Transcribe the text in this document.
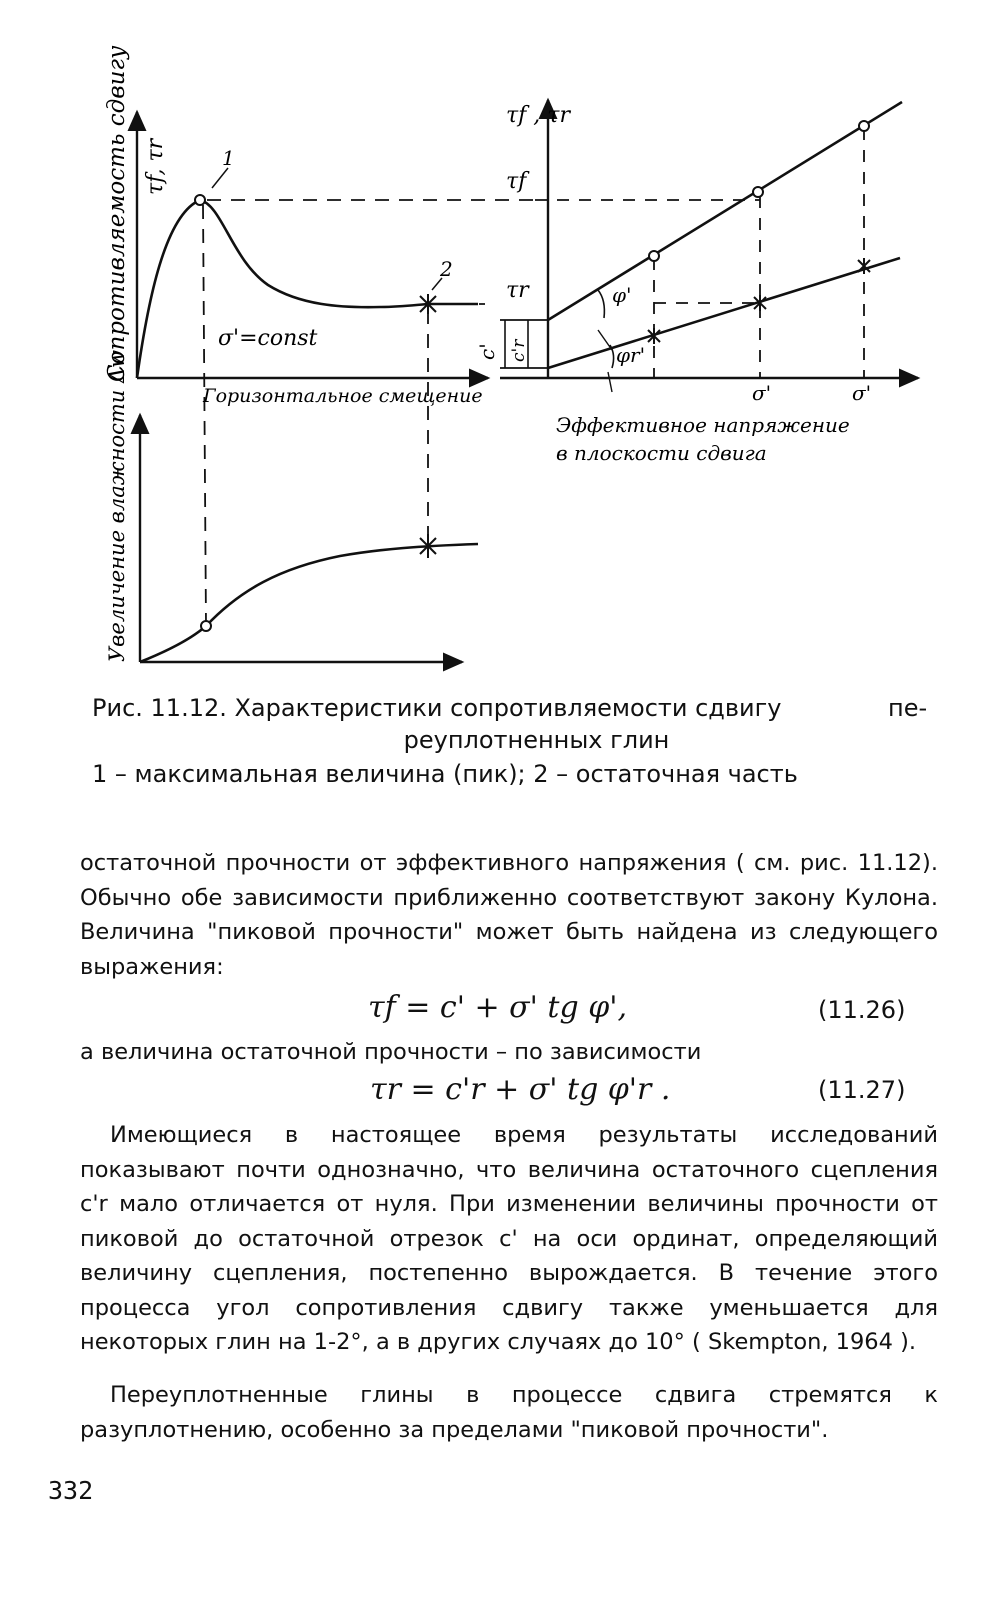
1
2
σ'=const
Горизонтальное смещение
τf, τr
Сопротивляемость сдвигу
Увеличение влажности Δw
τf , τr
τf
τr	φ'
φr'
c' c'r
σ'	σ'
Эффективное напряжение
в плоскости сдвига
Рис. 11.12. Характеристики сопротивляемости сдвигу	пе-
реуплотненных глин
1 – максимальная величина (пик); 2 – остаточная часть
остаточной прочности от эффективного напряжения ( см. рис. 11.12). Обычно обе зависимости приближенно соответствуют закону Кулона. Величина "пиковой прочности" может быть найдена из следующего выражения:
τf = c' + σ' tg φ',	(11.26)
а величина остаточной прочности – по зависимости
τr = c'r + σ' tg φ'r .	(11.27)
Имеющиеся в настоящее время результаты исследований показывают почти однозначно, что величина остаточного сцепления c'r мало отличается от нуля. При изменении величины прочности от пиковой до остаточной отрезок c' на оси ординат, определяющий величину сцепления, постепенно вырождается. В течение этого процесса угол сопротивления сдвигу также уменьшается для некоторых глин на 1-2°, а в других случаях до 10° ( Skempton, 1964 ).
Переуплотненные глины в процессе сдвига стремятся к разуплотнению, особенно за пределами "пиковой прочности".
332
